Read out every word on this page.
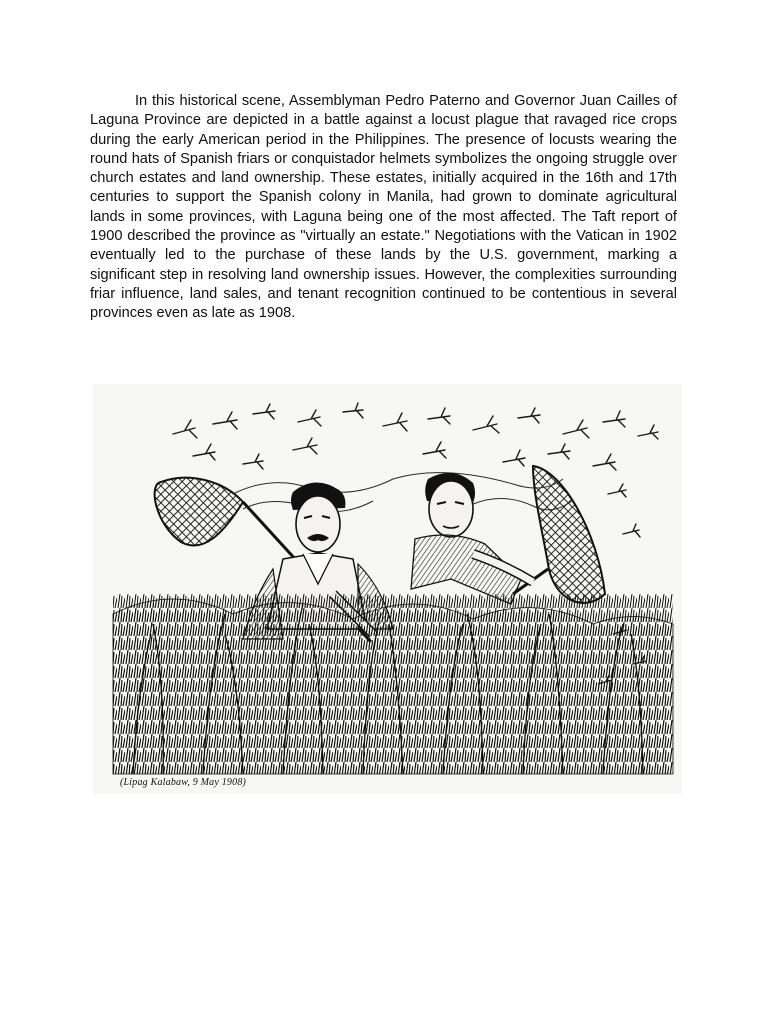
In this historical scene, Assemblyman Pedro Paterno and Governor Juan Cailles of Laguna Province are depicted in a battle against a locust plague that ravaged rice crops during the early American period in the Philippines. The presence of locusts wearing the round hats of Spanish friars or conquistador helmets symbolizes the ongoing struggle over church estates and land ownership. These estates, initially acquired in the 16th and 17th centuries to support the Spanish colony in Manila, had grown to dominate agricultural lands in some provinces, with Laguna being one of the most affected. The Taft report of 1900 described the province as "virtually an estate." Negotiations with the Vatican in 1902 eventually led to the purchase of these lands by the U.S. government, marking a significant step in resolving land ownership issues. However, the complexities surrounding friar influence, land sales, and tenant recognition continued to be contentious in several provinces even as late as 1908.

(Lipag Kalabaw, 9 May 1908)
